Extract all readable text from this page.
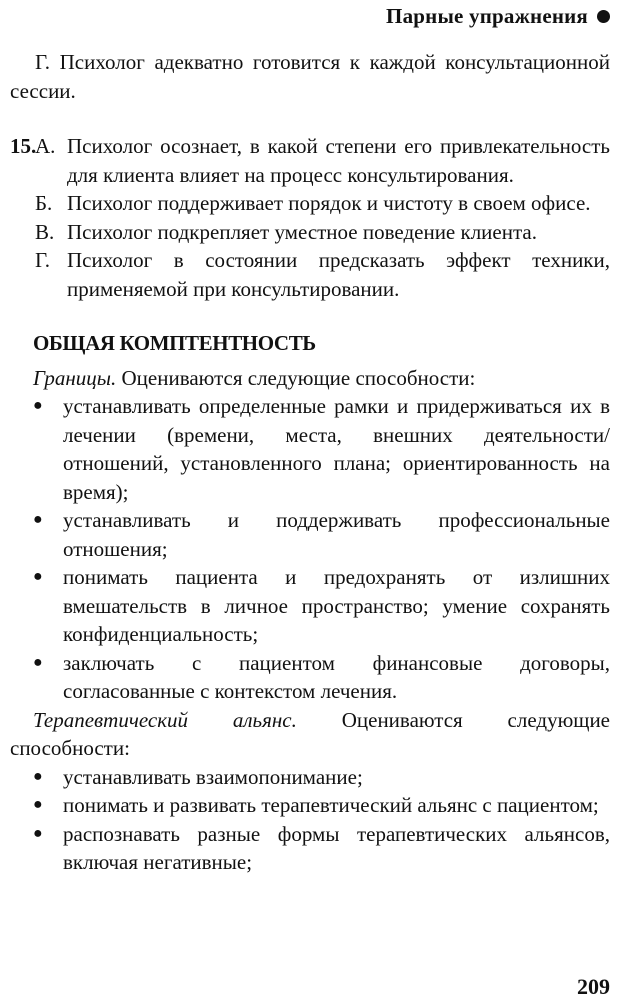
Парные упражнения

Г. Психолог адекватно готовится к каждой консультационной сессии.

15.
А. Психолог осознает, в какой степени его привлекательность для клиента влияет на процесс консультирования.
Б. Психолог поддерживает порядок и чистоту в своем офисе.
В. Психолог подкрепляет уместное поведение клиента.
Г. Психолог в состоянии предсказать эффект техники, применяемой при консультировании.
ОБЩАЯ КОМПТЕНТНОСТЬ

Границы. Оцениваются следующие способности:

● устанавливать определенные рамки и придерживаться их в лечении (времени, места, внешних деятельности/отношений, установленного плана; ориентированность на время);
● устанавливать и поддерживать профессиональные отношения;
● понимать пациента и предохранять от излишних вмешательств в личное пространство; умение сохранять конфиденциальность;
● заключать с пациентом финансовые договоры, согласованные с контекстом лечения.

Терапевтический альянс. Оцениваются следующие способности:

● устанавливать взаимопонимание;
● понимать и развивать терапевтический альянс с пациентом;
● распознавать разные формы терапевтических альянсов, включая негативные;
209
